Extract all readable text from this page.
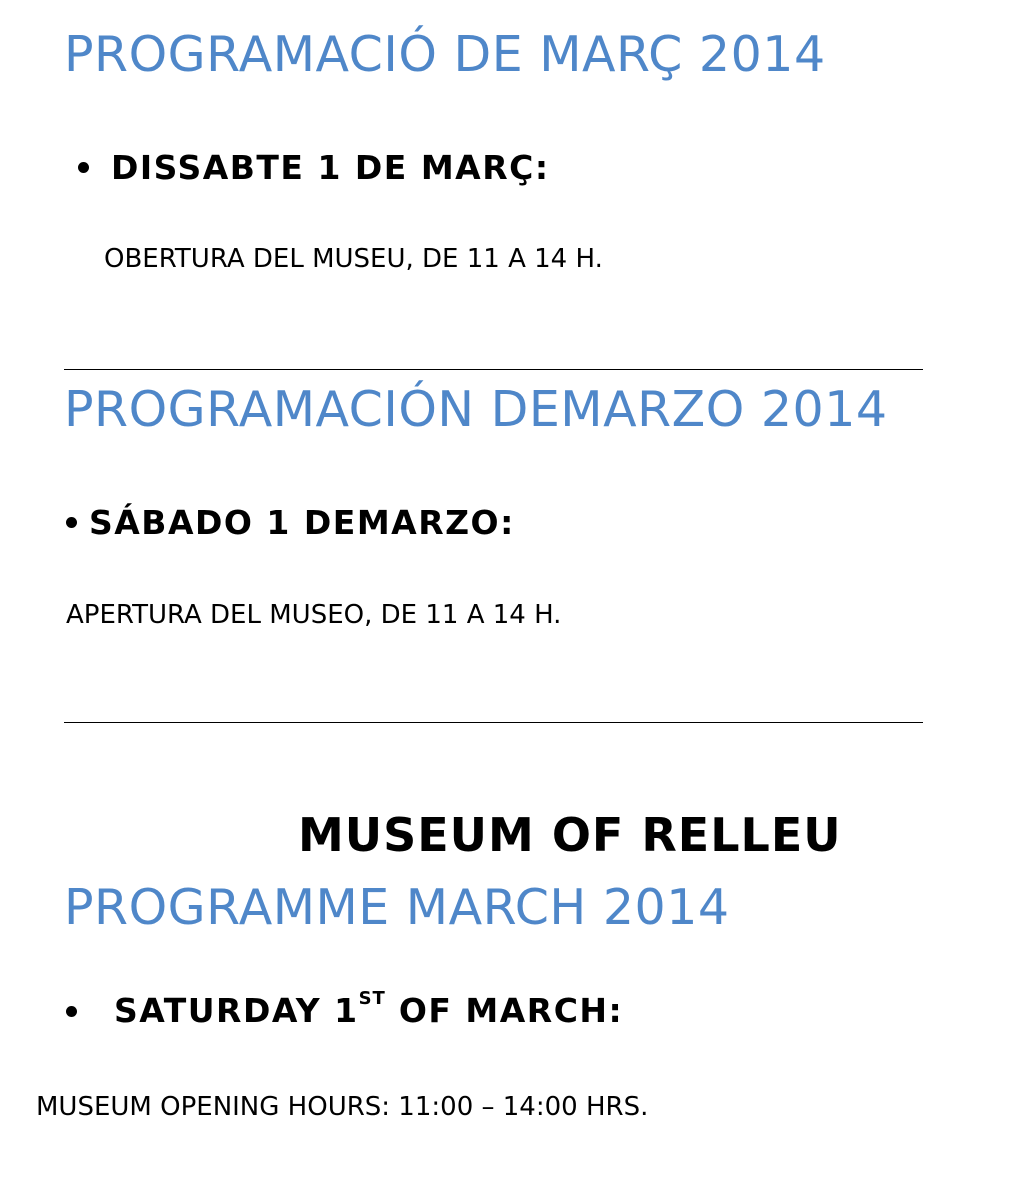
PROGRAMACIÓ DE MARÇ 2014
DISSABTE 1 DE MARÇ:
OBERTURA DEL MUSEU, DE 11 A 14 H.
PROGRAMACIÓN DEMARZO 2014
SÁBADO 1 DEMARZO:
APERTURA DEL MUSEO, DE 11 A 14 H.
MUSEUM OF RELLEU
PROGRAMME MARCH 2014
SATURDAY 1ST OF MARCH:
MUSEUM OPENING HOURS: 11:00 – 14:00 HRS.
